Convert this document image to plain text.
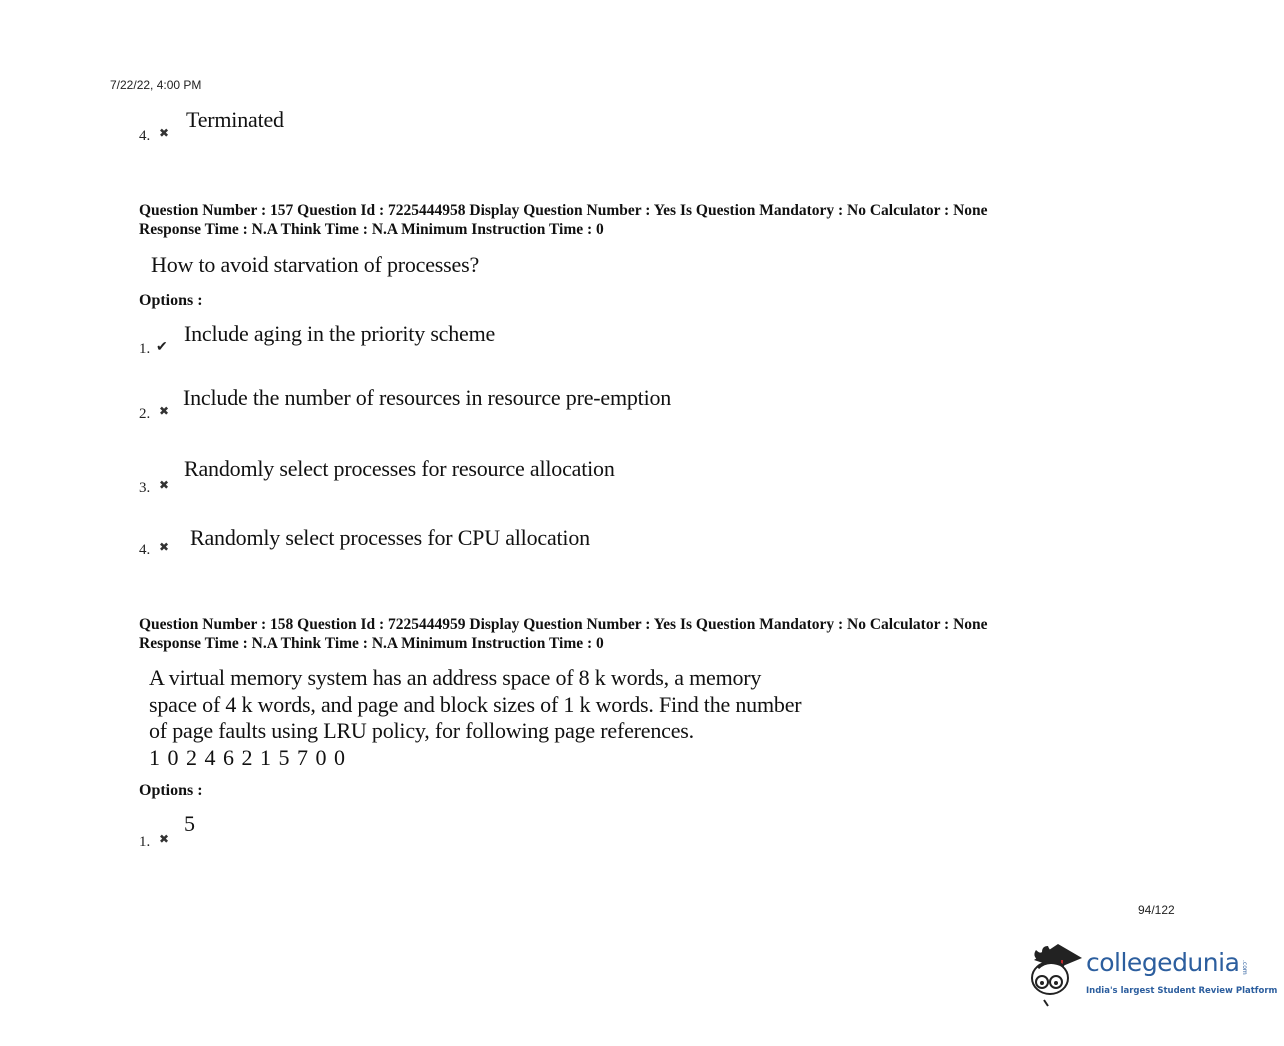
7/22/22, 4:00 PM
4. ✖
Terminated
Question Number : 157 Question Id : 7225444958 Display Question Number : Yes Is Question Mandatory : No Calculator : None
Response Time : N.A Think Time : N.A Minimum Instruction Time : 0
How to avoid starvation of processes?
Options :
1. ✔
Include aging in the priority scheme
2. ✖
Include the number of resources in resource pre-emption
3. ✖
Randomly select processes for resource allocation
4. ✖ Randomly select processes for CPU allocation
Question Number : 158 Question Id : 7225444959 Display Question Number : Yes Is Question Mandatory : No Calculator : None
Response Time : N.A Think Time : N.A Minimum Instruction Time : 0
A virtual memory system has an address space of 8 k words, a memory
space of 4 k words, and page and block sizes of 1 k words. Find the number
of page faults using LRU policy, for following page references.
1 0 2 4 6 2 1 5 7 0 0
Options :
1. ✖
5
94/122
collegedunia .com
India's largest Student Review Platform
